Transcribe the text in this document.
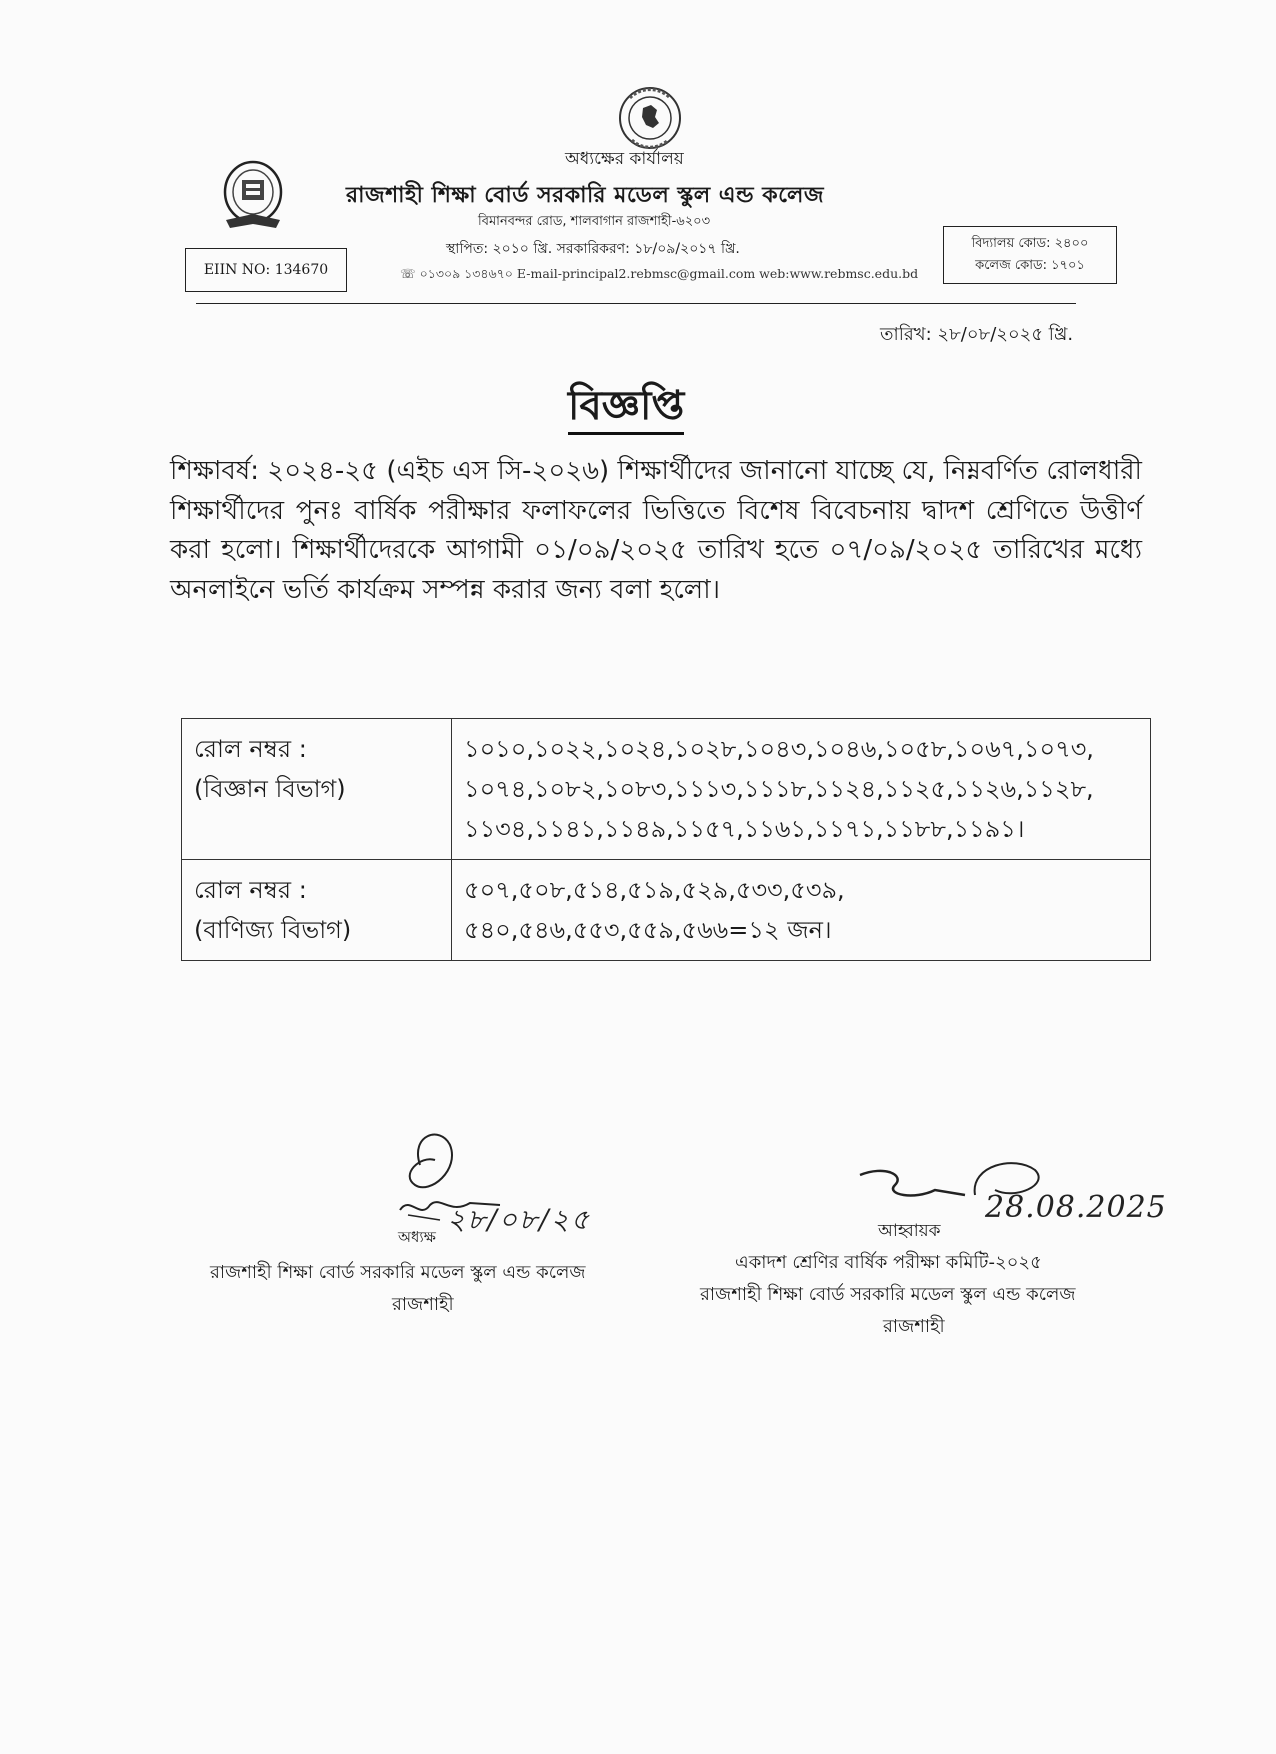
অধ্যক্ষের কার্যালয়
রাজশাহী শিক্ষা বোর্ড সরকারি মডেল স্কুল এন্ড কলেজ
বিমানবন্দর রোড, শালবাগান রাজশাহী-৬২০৩
স্থাপিত: ২০১০ খ্রি. সরকারিকরণ: ১৮/০৯/২০১৭ খ্রি.
☏ ০১৩০৯ ১৩৪৬৭০ E-mail-principal2.rebmsc@gmail.com web:www.rebmsc.edu.bd
EIIN NO: 134670
বিদ্যালয় কোড: ২৪০০
কলেজ কোড: ১৭০১
তারিখ: ২৮/০৮/২০২৫ খ্রি.
বিজ্ঞপ্তি
শিক্ষাবর্ষ: ২০২৪-২৫ (এইচ এস সি-২০২৬) শিক্ষার্থীদের জানানো যাচ্ছে যে, নিম্নবর্ণিত রোলধারী শিক্ষার্থীদের পুনঃ বার্ষিক পরীক্ষার ফলাফলের ভিত্তিতে বিশেষ বিবেচনায় দ্বাদশ শ্রেণিতে উত্তীর্ণ করা হলো। শিক্ষার্থীদেরকে আগামী ০১/০৯/২০২৫ তারিখ হতে ০৭/০৯/২০২৫ তারিখের মধ্যে অনলাইনে ভর্তি কার্যক্রম সম্পন্ন করার জন্য বলা হলো।
রোল নম্বর :
(বিজ্ঞান বিভাগ)	১০১০,১০২২,১০২৪,১০২৮,১০৪৩,১০৪৬,১০৫৮,১০৬৭,১০৭৩, ১০৭৪,১০৮২,১০৮৩,১১১৩,১১১৮,১১২৪,১১২৫,১১২৬,১১২৮, ১১৩৪,১১৪১,১১৪৯,১১৫৭,১১৬১,১১৭১,১১৮৮,১১৯১।

রোল নম্বর :
(বাণিজ্য বিভাগ)	৫০৭,৫০৮,৫১৪,৫১৯,৫২৯,৫৩৩,৫৩৯, ৫৪০,৫৪৬,৫৫৩,৫৫৯,৫৬৬=১২ জন।
২৮/০৮/২৫
অধ্যক্ষ
রাজশাহী শিক্ষা বোর্ড সরকারি মডেল স্কুল এন্ড কলেজ
রাজশাহী
28.08.2025
আহ্বায়ক
একাদশ শ্রেণির বার্ষিক পরীক্ষা কমিটি-২০২৫
রাজশাহী শিক্ষা বোর্ড সরকারি মডেল স্কুল এন্ড কলেজ
রাজশাহী
